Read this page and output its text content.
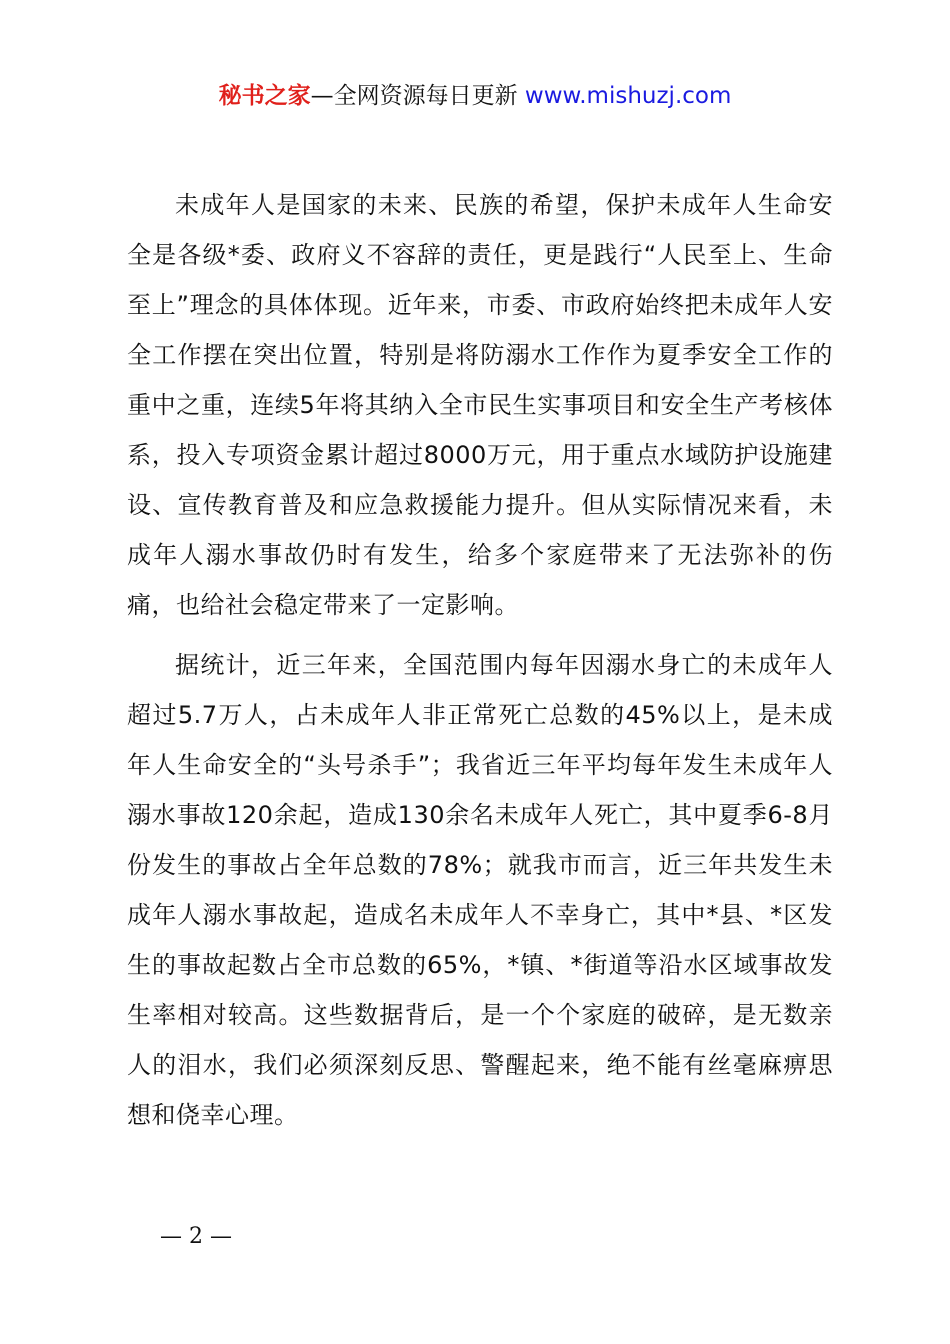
秘书之家—全网资源每日更新 www.mishuzj.com

未成年人是国家的未来、民族的希望，保护未成年人生命安全是各级*委、政府义不容辞的责任，更是践行“人民至上、生命至上”理念的具体体现。近年来，市委、市政府始终把未成年人安全工作摆在突出位置，特别是将防溺水工作作为夏季安全工作的重中之重，连续5年将其纳入全市民生实事项目和安全生产考核体系，投入专项资金累计超过8000万元，用于重点水域防护设施建设、宣传教育普及和应急救援能力提升。但从实际情况来看，未成年人溺水事故仍时有发生，给多个家庭带来了无法弥补的伤痛，也给社会稳定带来了一定影响。

据统计，近三年来，全国范围内每年因溺水身亡的未成年人超过5.7万人，占未成年人非正常死亡总数的45%以上，是未成年人生命安全的“头号杀手”；我省近三年平均每年发生未成年人溺水事故120余起，造成130余名未成年人死亡，其中夏季6-8月份发生的事故占全年总数的78%；就我市而言，近三年共发生未成年人溺水事故起，造成名未成年人不幸身亡，其中*县、*区发生的事故起数占全市总数的65%，*镇、*街道等沿水区域事故发生率相对较高。这些数据背后，是一个个家庭的破碎，是无数亲人的泪水，我们必须深刻反思、警醒起来，绝不能有丝毫麻痹思想和侥幸心理。

— 2 —
